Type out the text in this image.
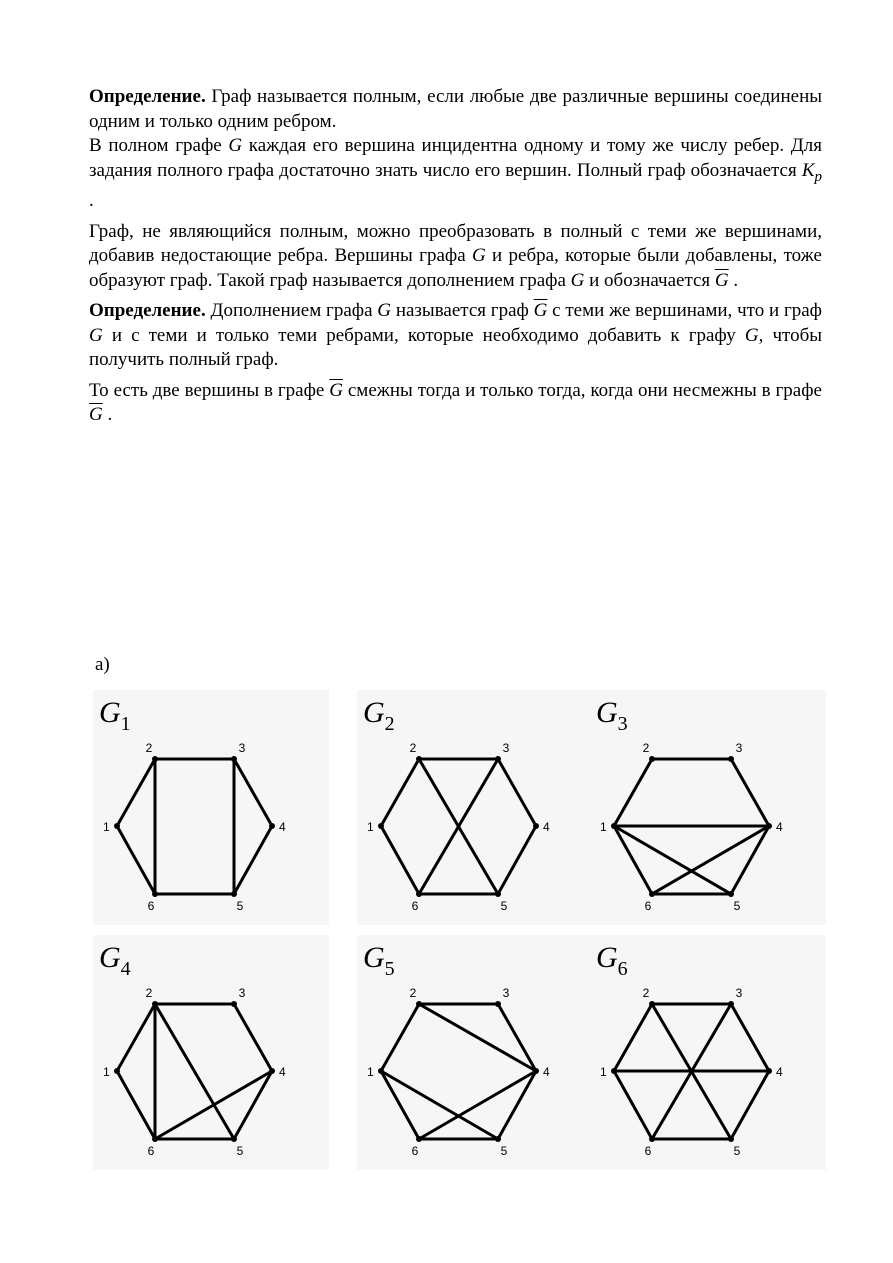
Определение. Граф называется полным, если любые две различные вершины соединены одним и только одним ребром.

В полном графе G каждая его вершина инцидентна одному и тому же числу ребер. Для задания полного графа достаточно знать число его вершин. Полный граф обозначается $K_p$ .

Граф, не являющийся полным, можно преобразовать в полный с теми же вершинами, добавив недостающие ребра. Вершины графа G и ребра, которые были добавлены, тоже образуют граф. Такой граф называется дополнением графа G и обозначается $\overline{G}$ .

Определение. Дополнением графа G называется граф $\overline{G}$ с теми же вершинами, что и граф G и с теми и только теми ребрами, которые необходимо добавить к графу G, чтобы получить полный граф.

То есть две вершины в графе $\overline{G}$ смежны тогда и только тогда, когда они несмежны в графе $\overline{G}$ .

а)
$G_1$
1
2	3
4
5
6
$G_2$
1
2	3
4
5
6
$G_3$
1
2	3
4
5
6
$G_4$
1
2	3
4
5
6
$G_5$
1
2	3
4
5
6
$G_6$
1
2	3
4
5
6
